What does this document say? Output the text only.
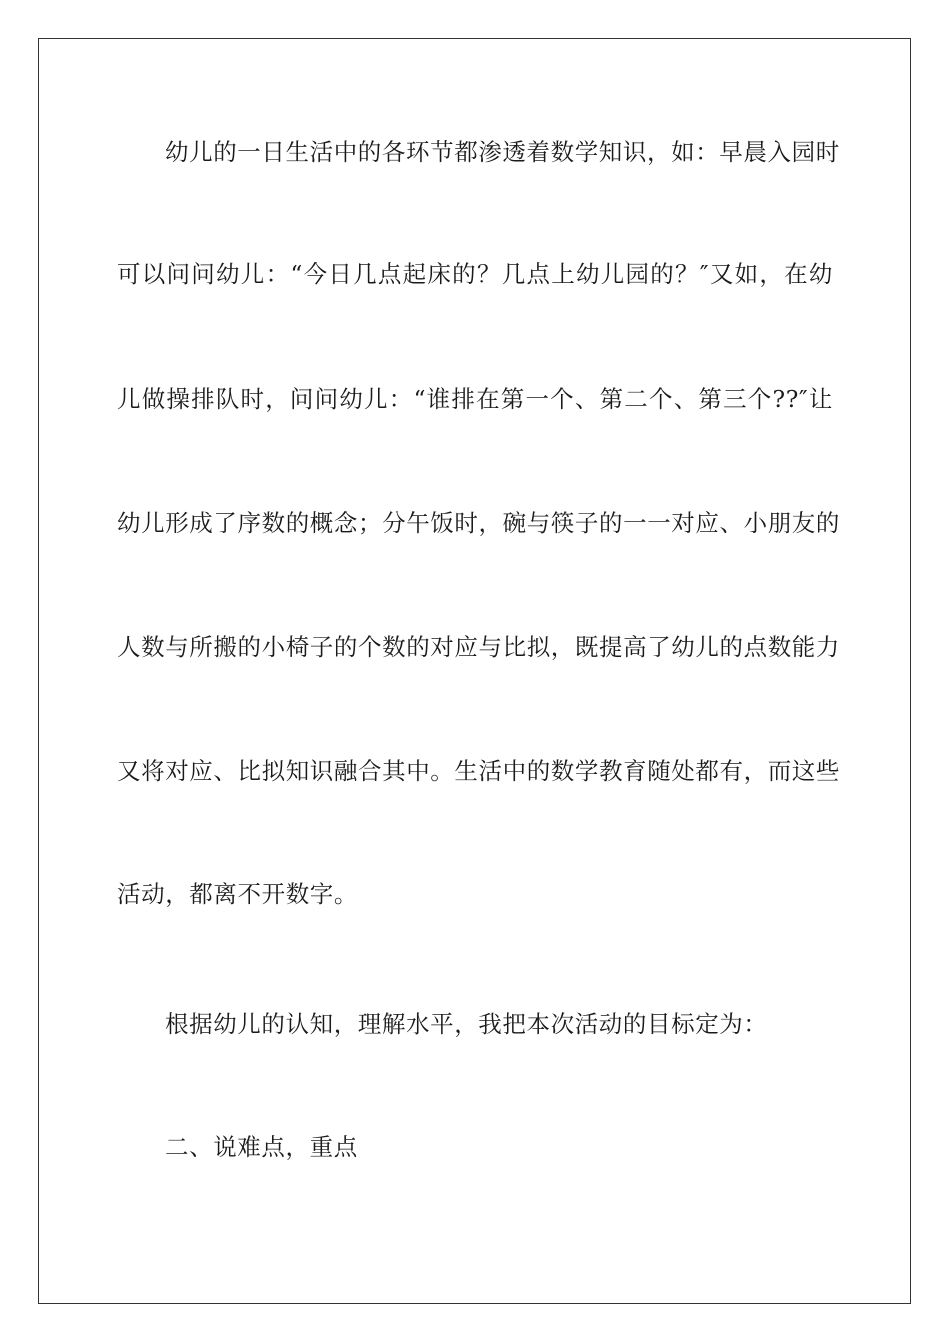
幼儿的一日生活中的各环节都渗透着数学知识，如：早晨入园时
可以问问幼儿：“今日几点起床的？几点上幼儿园的？″又如，在幼
儿做操排队时，问问幼儿：“谁排在第一个、第二个、第三个??″让
幼儿形成了序数的概念；分午饭时，碗与筷子的一一对应、小朋友的
人数与所搬的小椅子的个数的对应与比拟，既提高了幼儿的点数能力
又将对应、比拟知识融合其中。生活中的数学教育随处都有，而这些
活动，都离不开数字。
根据幼儿的认知，理解水平，我把本次活动的目标定为：
二、说难点，重点
